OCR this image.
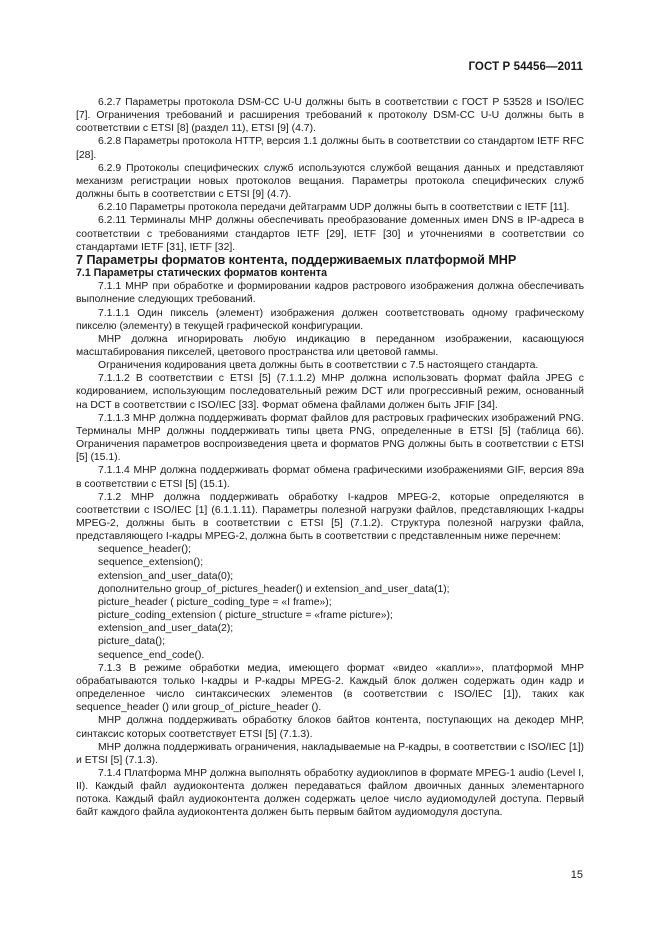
ГОСТ Р 54456—2011

6.2.7 Параметры протокола DSM-CC U-U должны быть в соответствии с ГОСТ Р 53528 и ISO/IEC [7]. Ограничения требований и расширения требований к протоколу DSM-CC U-U должны быть в соответствии с ETSI [8] (раздел 11), ETSI [9] (4.7).

6.2.8 Параметры протокола HTTP, версия 1.1 должны быть в соответствии со стандартом IETF RFC [28].

6.2.9 Протоколы специфических служб используются службой вещания данных и представляют механизм регистрации новых протоколов вещания. Параметры протокола специфических служб должны быть в соответствии с ETSI [9] (4.7).

6.2.10 Параметры протокола передачи дейтаграмм UDP должны быть в соответствии с IETF [11].

6.2.11 Терминалы МНР должны обеспечивать преобразование доменных имен DNS в IP-адреса в соответствии с требованиями стандартов IETF [29], IETF [30] и уточнениями в соответствии со стандартами IETF [31], IETF [32].

7 Параметры форматов контента, поддерживаемых платформой МНР

7.1 Параметры статических форматов контента

7.1.1 МНР при обработке и формировании кадров растрового изображения должна обеспечивать выполнение следующих требований.

7.1.1.1 Один пиксель (элемент) изображения должен соответствовать одному графическому пикселю (элементу) в текущей графической конфигурации.

МНР должна игнорировать любую индикацию в переданном изображении, касающуюся масштабирования пикселей, цветового пространства или цветовой гаммы.

Ограничения кодирования цвета должны быть в соответствии с 7.5 настоящего стандарта.

7.1.1.2 В соответствии с ETSI [5] (7.1.1.2) МНР должна использовать формат файла JPEG с кодированием, использующим последовательный режим DCT или прогрессивный режим, основанный на DCT в соответствии с ISO/IEC [33]. Формат обмена файлами должен быть JFIF [34].

7.1.1.3 МНР должна поддерживать формат файлов для растровых графических изображений PNG. Терминалы МНР должны поддерживать типы цвета PNG, определенные в ETSI [5] (таблица 66). Ограничения параметров воспроизведения цвета и форматов PNG должны быть в соответствии с ETSI [5] (15.1).

7.1.1.4 МНР должна поддерживать формат обмена графическими изображениями GIF, версия 89a в соответствии с ETSI [5] (15.1).

7.1.2 МНР должна поддерживать обработку I-кадров MPEG-2, которые определяются в соответствии с ISO/IEC [1] (6.1.1.11). Параметры полезной нагрузки файлов, представляющих I-кадры MPEG-2, должны быть в соответствии с ETSI [5] (7.1.2). Структура полезной нагрузки файла, представляющего I-кадры MPEG-2, должна быть в соответствии с представленным ниже перечнем:

sequence_header();

sequence_extension();

extension_and_user_data(0);

дополнительно group_of_pictures_header() и extension_and_user_data(1);

picture_header ( picture_coding_type = «I frame»);

picture_coding_extension ( picture_structure = «frame picture»);

extension_and_user_data(2);

picture_data();

sequence_end_code().

7.1.3 В режиме обработки медиа, имеющего формат «видео «капли»», платформой МНР обрабатываются только I-кадры и P-кадры MPEG-2. Каждый блок должен содержать один кадр и определенное число синтаксических элементов (в соответствии с ISO/IEC [1]), таких как sequence_header () или group_of_picture_header ().

МНР должна поддерживать обработку блоков байтов контента, поступающих на декодер МНР, синтаксис которых соответствует ETSI [5] (7.1.3).

МНР должна поддерживать ограничения, накладываемые на P-кадры, в соответствии с ISO/IEC [1]) и ETSI [5] (7.1.3).

7.1.4 Платформа МНР должна выполнять обработку аудиоклипов в формате MPEG-1 audio (Level I, II). Каждый файл аудиоконтента должен передаваться файлом двоичных данных элементарного потока. Каждый файл аудиоконтента должен содержать целое число аудиомодулей доступа. Первый байт каждого файла аудиоконтента должен быть первым байтом аудиомодуля доступа.

15
